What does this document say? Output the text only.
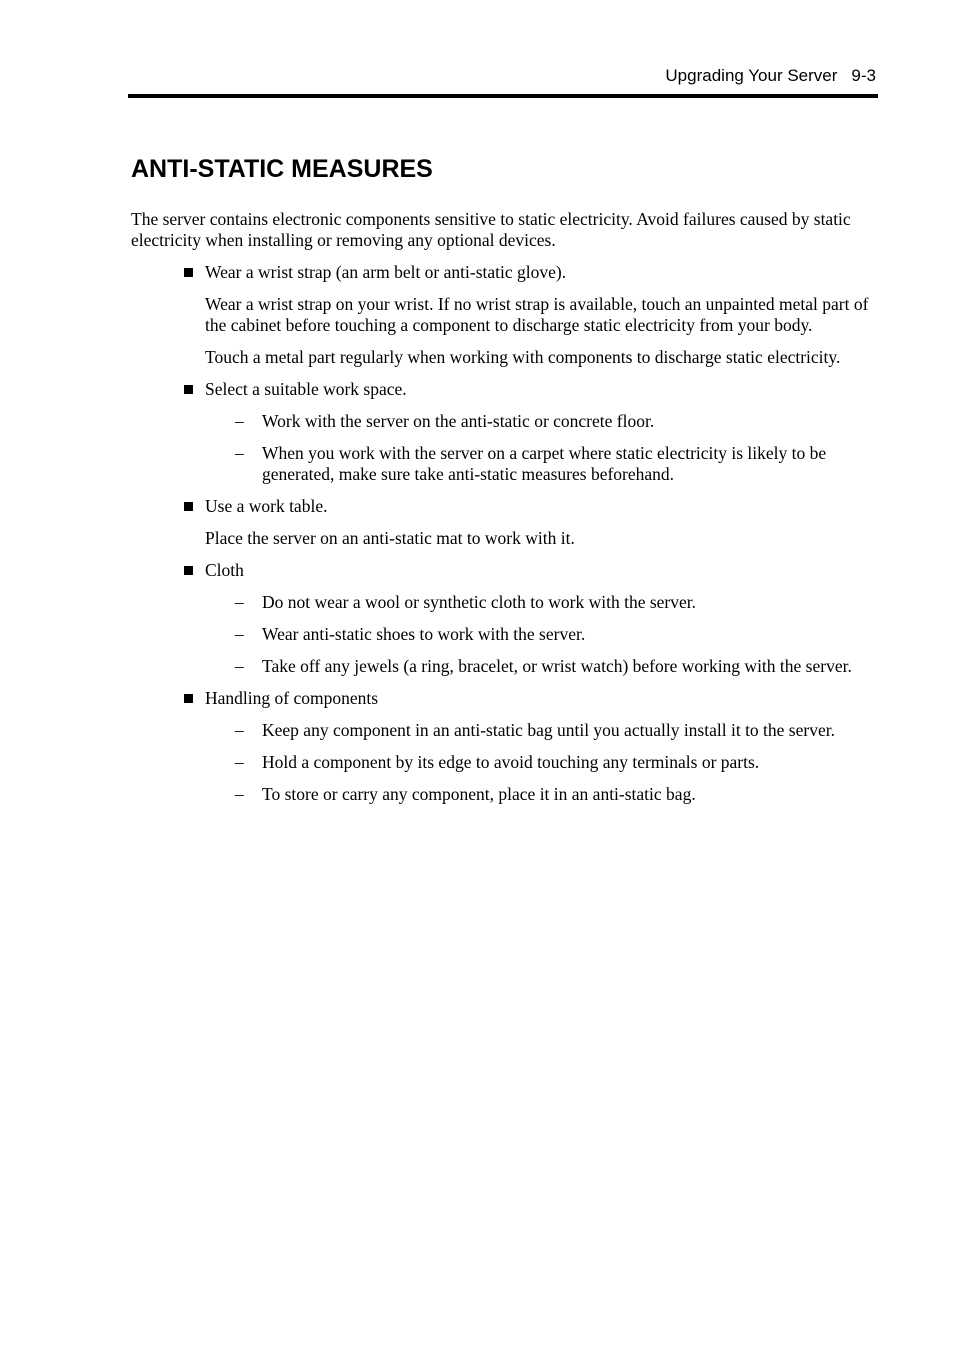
Upgrading Your Server 9-3
ANTI-STATIC MEASURES

The server contains electronic components sensitive to static electricity. Avoid failures caused by static electricity when installing or removing any optional devices.

Wear a wrist strap (an arm belt or anti-static glove).

Wear a wrist strap on your wrist. If no wrist strap is available, touch an unpainted metal part of the cabinet before touching a component to discharge static electricity from your body.

Touch a metal part regularly when working with components to discharge static electricity.

Select a suitable work space.
– Work with the server on the anti-static or concrete floor.
– When you work with the server on a carpet where static electricity is likely to be generated, make sure take anti-static measures beforehand.
Use a work table.

Place the server on an anti-static mat to work with it.

Cloth
– Do not wear a wool or synthetic cloth to work with the server.
– Wear anti-static shoes to work with the server.
– Take off any jewels (a ring, bracelet, or wrist watch) before working with the server.
Handling of components
– Keep any component in an anti-static bag until you actually install it to the server.
– Hold a component by its edge to avoid touching any terminals or parts.
– To store or carry any component, place it in an anti-static bag.
